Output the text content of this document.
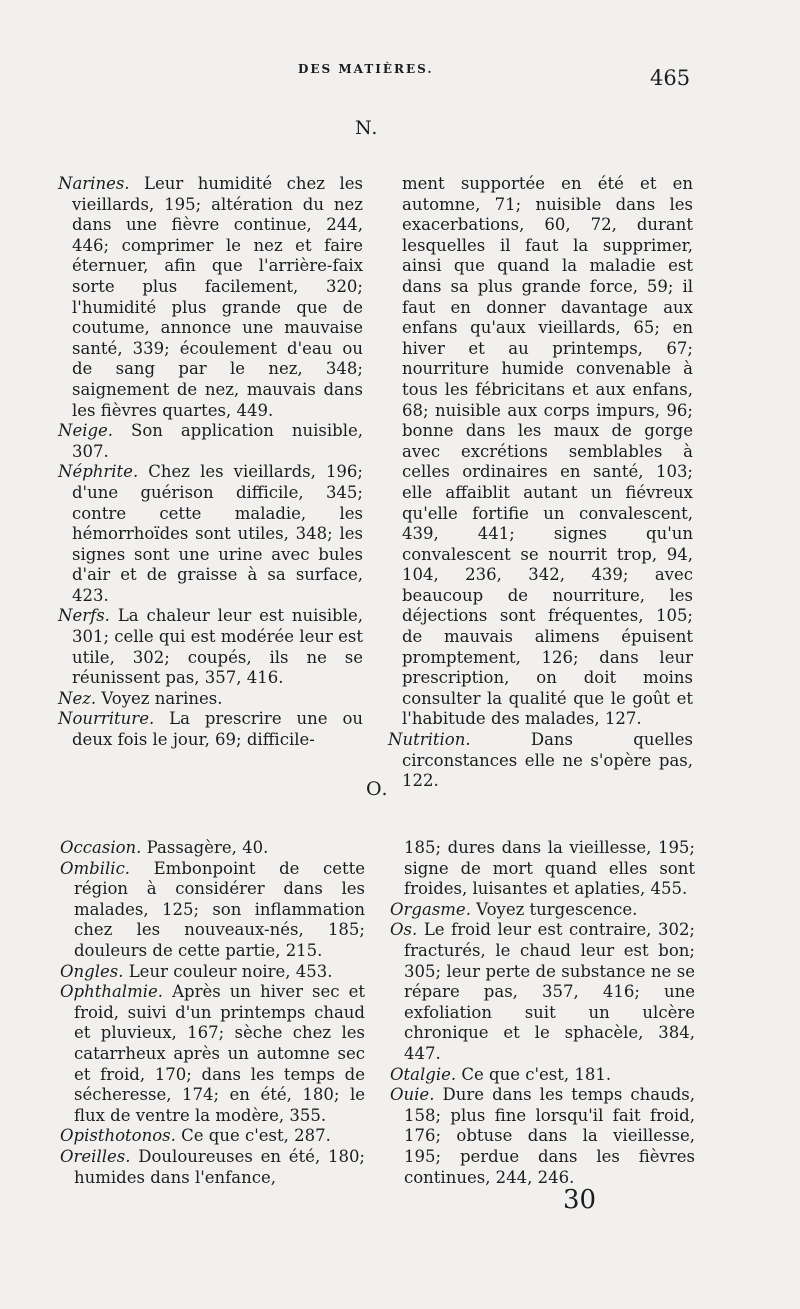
DES MATIÈRES.	465
N.

Narines. Leur humidité chez les vieillards, 195; altération du nez dans une fièvre continue, 244, 446; comprimer le nez et faire éternuer, afin que l'arrière-faix sorte plus facilement, 320; l'humidité plus grande que de coutume, annonce une mauvaise santé, 339; écoulement d'eau ou de sang par le nez, 348; saignement de nez, mauvais dans les fièvres quartes, 449.

Neige. Son application nuisible, 307.

Néphrite. Chez les vieillards, 196; d'une guérison difficile, 345; contre cette maladie, les hémorrhoïdes sont utiles, 348; les signes sont une urine avec bules d'air et de graisse à sa surface, 423.

Nerfs. La chaleur leur est nuisible, 301; celle qui est modérée leur est utile, 302; coupés, ils ne se réunissent pas, 357, 416.

Nez. Voyez narines.

Nourriture. La prescrire une ou deux fois le jour, 69; difficile-

ment supportée en été et en automne, 71; nuisible dans les exacerbations, 60, 72, durant lesquelles il faut la supprimer, ainsi que quand la maladie est dans sa plus grande force, 59; il faut en donner davantage aux enfans qu'aux vieillards, 65; en hiver et au printemps, 67; nourriture humide convenable à tous les fébricitans et aux enfans, 68; nuisible aux corps impurs, 96; bonne dans les maux de gorge avec excrétions semblables à celles ordinaires en santé, 103; elle affaiblit autant un fiévreux qu'elle fortifie un convalescent, 439, 441; signes qu'un convalescent se nourrit trop, 94, 104, 236, 342, 439; avec beaucoup de nourriture, les déjections sont fréquentes, 105; de mauvais alimens épuisent promptement, 126; dans leur prescription, on doit moins consulter la qualité que le goût et l'habitude des malades, 127.

Nutrition. Dans quelles circonstances elle ne s'opère pas, 122.

O.

Occasion. Passagère, 40.

Ombilic. Embonpoint de cette région à considérer dans les malades, 125; son inflammation chez les nouveaux-nés, 185; douleurs de cette partie, 215.

Ongles. Leur couleur noire, 453.

Ophthalmie. Après un hiver sec et froid, suivi d'un printemps chaud et pluvieux, 167; sèche chez les catarrheux après un automne sec et froid, 170; dans les temps de sécheresse, 174; en été, 180; le flux de ventre la modère, 355.

Opisthotonos. Ce que c'est, 287.

Oreilles. Douloureuses en été, 180; humides dans l'enfance,

185; dures dans la vieillesse, 195; signe de mort quand elles sont froides, luisantes et aplaties, 455.

Orgasme. Voyez turgescence.

Os. Le froid leur est contraire, 302; fracturés, le chaud leur est bon; 305; leur perte de substance ne se répare pas, 357, 416; une exfoliation suit un ulcère chronique et le sphacèle, 384, 447.

Otalgie. Ce que c'est, 181.

Ouie. Dure dans les temps chauds, 158; plus fine lorsqu'il fait froid, 176; obtuse dans la vieillesse, 195; perdue dans les fièvres continues, 244, 246.

30
